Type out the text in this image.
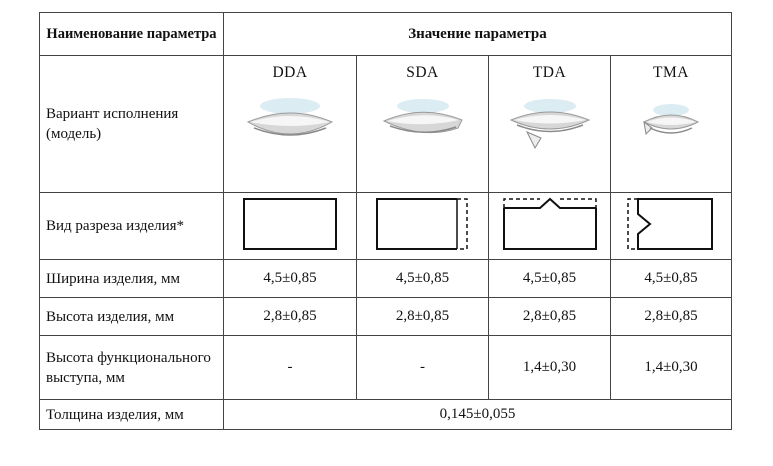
Наименование параметра	Значение параметра			
Вариант исполнения (модель)	DDA	SDA	TDA	TMA

Вид разреза изделия*				
Ширина изделия, мм	4,5±0,85	4,5±0,85	4,5±0,85	4,5±0,85
Высота изделия, мм	2,8±0,85	2,8±0,85	2,8±0,85	2,8±0,85
Высота функционального выступа, мм	-	-	1,4±0,30	1,4±0,30
Толщина изделия, мм	0,145±0,055			
